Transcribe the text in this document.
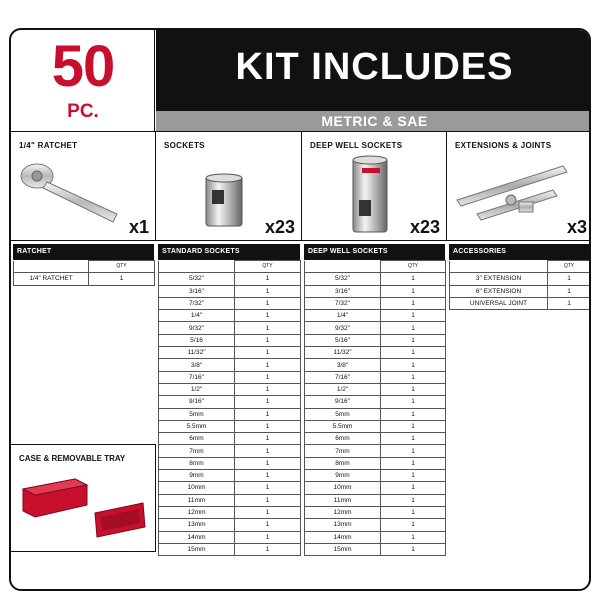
50
PC.
KIT INCLUDES
METRIC & SAE
1/4" RATCHET
x1
SOCKETS
x23
DEEP WELL SOCKETS
x23
EXTENSIONS & JOINTS
x3
RATCHET
	QTY
1/4" RATCHET	1
STANDARD SOCKETS
	QTY
5/32"	1
3/16"	1
7/32"	1
1/4"	1
9/32"	1
5/16	1
11/32"	1
3/8"	1
7/16"	1
1/2"	1
9/16"	1
5mm	1
5.5mm	1
6mm	1
7mm	1
8mm	1
9mm	1
10mm	1
11mm	1
12mm	1
13mm	1
14mm	1
15mm	1
DEEP WELL SOCKETS
	QTY
5/32"	1
3/16"	1
7/32"	1
1/4"	1
9/32"	1
5/16"	1
11/32"	1
3/8"	1
7/16"	1
1/2"	1
9/16"	1
5mm	1
5.5mm	1
6mm	1
7mm	1
8mm	1
9mm	1
10mm	1
11mm	1
12mm	1
13mm	1
14mm	1
15mm	1
ACCESSORIES
	QTY
3" EXTENSION	1
6" EXTENSION	1
UNIVERSAL JOINT	1
CASE & REMOVABLE TRAY
